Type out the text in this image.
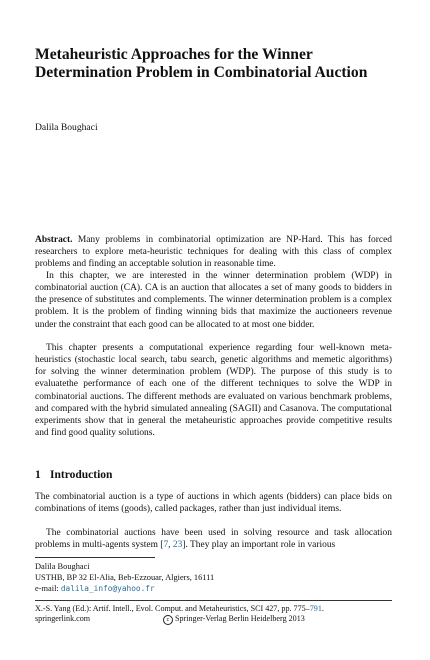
Metaheuristic Approaches for the Winner Determination Problem in Combinatorial Auction
Dalila Boughaci

Abstract. Many problems in combinatorial optimization are NP-Hard. This has forced researchers to explore meta-heuristic techniques for dealing with this class of complex problems and finding an acceptable solution in reasonable time.

In this chapter, we are interested in the winner determination problem (WDP) in combinatorial auction (CA). CA is an auction that allocates a set of many goods to bidders in the presence of substitutes and complements. The winner determination problem is a complex problem. It is the problem of finding winning bids that maximize the auctioneers revenue under the constraint that each good can be allocated to at most one bidder.

This chapter presents a computational experience regarding four well-known meta-heuristics (stochastic local search, tabu search, genetic algorithms and memetic algorithms) for solving the winner determination problem (WDP). The purpose of this study is to evaluatethe performance of each one of the different techniques to solve the WDP in combinatorial auctions. The different methods are evaluated on various benchmark problems, and compared with the hybrid simulated annealing (SAGII) and Casanova. The computational experiments show that in general the metaheuristic approaches provide competitive results and find good quality solutions.

1 Introduction

The combinatorial auction is a type of auctions in which agents (bidders) can place bids on combinations of items (goods), called packages, rather than just individual items.

The combinatorial auctions have been used in solving resource and task allocation problems in multi-agents system [7, 23]. They play an important role in various

Dalila Boughaci
USTHB, BP 32 El-Alia, Beb-Ezzouar, Algiers, 16111
e-mail: dalila_info@yahoo.fr
X.-S. Yang (Ed.): Artif. Intell., Evol. Comput. and Metaheuristics, SCI 427, pp. 775–791.
springerlink.com	c Springer-Verlag Berlin Heidelberg 2013
